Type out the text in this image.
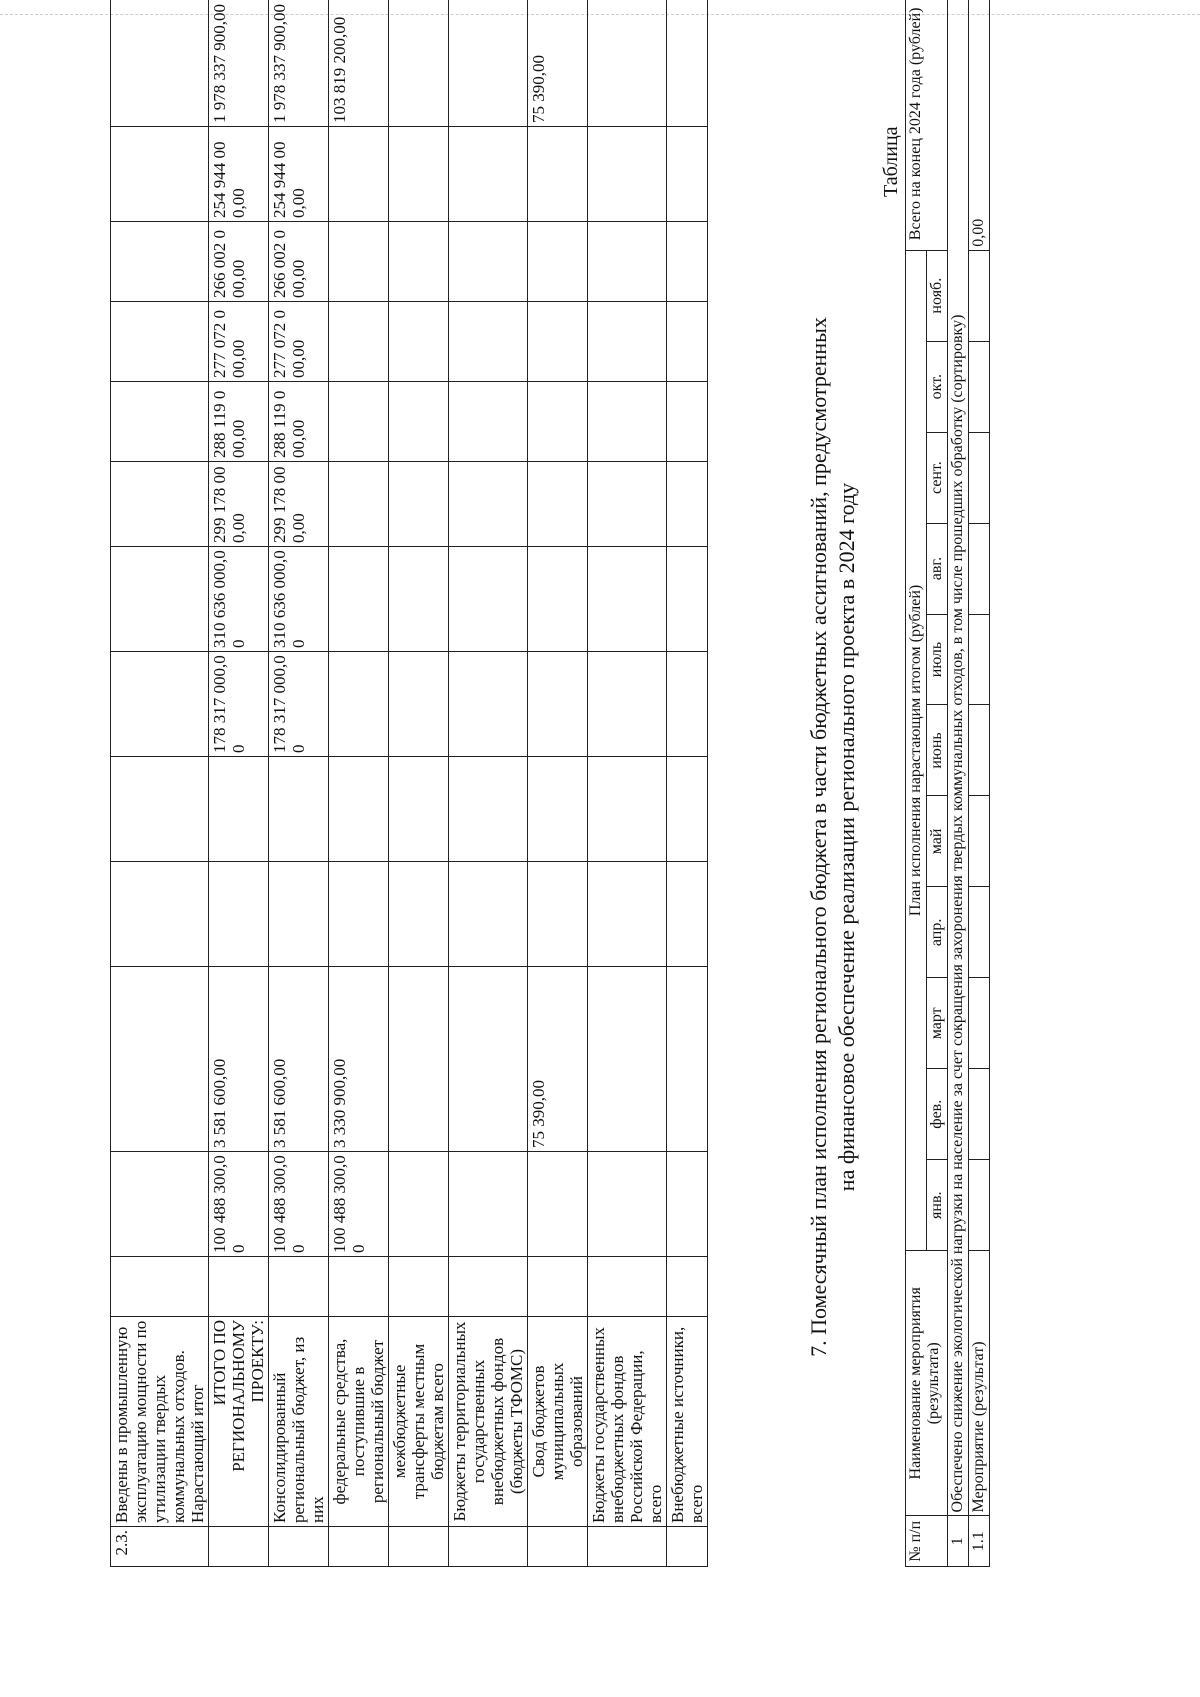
2.3.	Введены в промышленную эксплуатацию мощности по утилизации твердых коммунальных отходов. Нарастающий итог													
	ИТОГО ПО РЕГИОНАЛЬНОМУ ПРОЕКТУ:		100 488 300,00	3 581 600,00			178 317 000,00	310 636 000,00	299 178 000,00	288 119 000,00	277 072 000,00	266 002 000,00	254 944 000,00	1 978 337 900,00
	Консолидированный региональный бюджет, из них		100 488 300,00	3 581 600,00			178 317 000,00	310 636 000,00	299 178 000,00	288 119 000,00	277 072 000,00	266 002 000,00	254 944 000,00	1 978 337 900,00
	федеральные средства, поступившие в региональный бюджет		100 488 300,00	3 330 900,00										103 819 200,00
	межбюджетные трансферты местным бюджетам всего													
	Бюджеты территориальных государственных внебюджетных фондов (бюджеты ТФОМС)													
	Свод бюджетов муниципальных образований			75 390,00										75 390,00
	Бюджеты государственных внебюджетных фондов Российской Федерации, всего													
	Внебюджетные источники, всего													
7. Помесячный план исполнения регионального бюджета в части бюджетных ассигнований, предусмотренных на финансовое обеспечение реализации регионального проекта в 2024 году
Таблица
№ п/п	Наименование мероприятия (результата)	План исполнения нарастающим итогом (рублей)											Всего на конец 2024 года (рублей)
		янв.	фев.	март	апр.	май	июнь	июль	авг.	сент.	окт.	нояб.	
1	Обеспечено снижение экологической нагрузки на население за счет сокращения захоронения твердых коммунальных отходов, в том числе прошедших обработку (сортировку)												
1.1	Мероприятие (результат)												0,00
